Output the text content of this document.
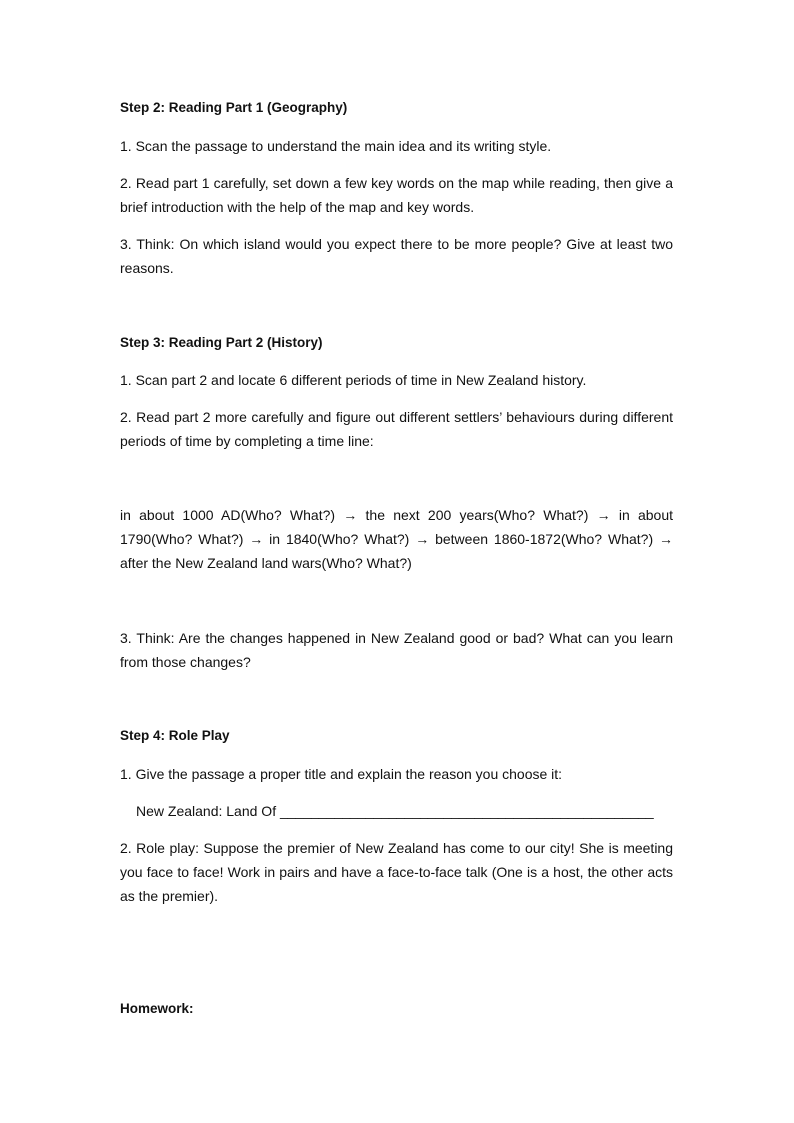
Step 2: Reading Part 1 (Geography)
1. Scan the passage to understand the main idea and its writing style.
2. Read part 1 carefully, set down a few key words on the map while reading, then give a brief introduction with the help of the map and key words.
3. Think: On which island would you expect there to be more people? Give at least two reasons.
Step 3: Reading Part 2 (History)
1. Scan part 2 and locate 6 different periods of time in New Zealand history.
2. Read part 2 more carefully and figure out different settlers’ behaviours during different periods of time by completing a time line:
in about 1000 AD(Who? What?) → the next 200 years(Who? What?) → in about 1790(Who? What?) → in 1840(Who? What?) → between 1860-1872(Who? What?) → after the New Zealand land wars(Who? What?)
3. Think: Are the changes happened in New Zealand good or bad? What can you learn from those changes?
Step 4: Role Play
1. Give the passage a proper title and explain the reason you choose it:
New Zealand: Land Of ________________________________________________
2. Role play: Suppose the premier of New Zealand has come to our city! She is meeting you face to face! Work in pairs and have a face-to-face talk (One is a host, the other acts as the premier).
Homework:
